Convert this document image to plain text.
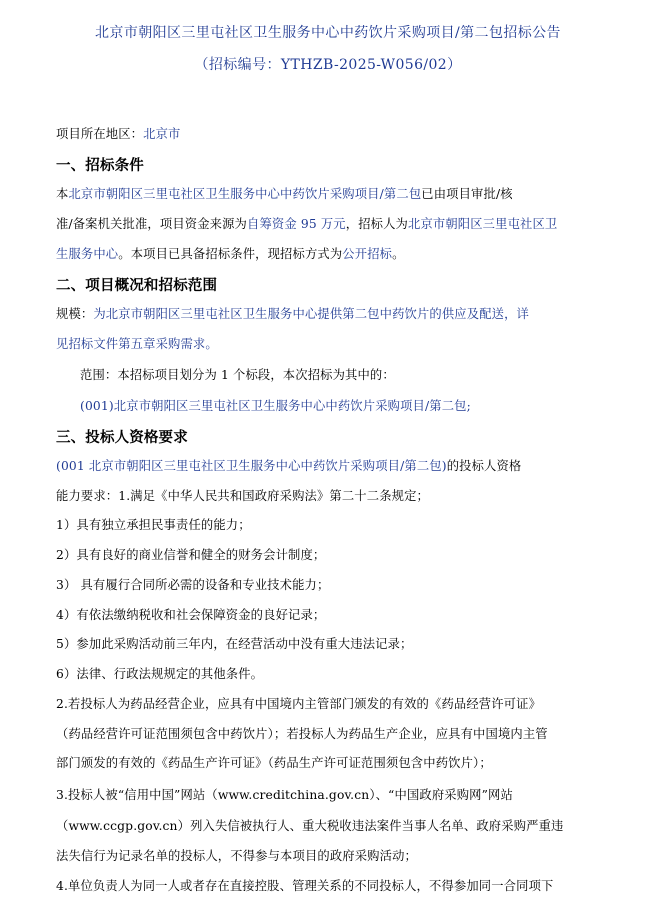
北京市朝阳区三里屯社区卫生服务中心中药饮片采购项目/第二包招标公告
（招标编号：YTHZB-2025-W056/02）
项目所在地区：北京市
一、招标条件
本北京市朝阳区三里屯社区卫生服务中心中药饮片采购项目/第二包已由项目审批/核
准/备案机关批准，项目资金来源为自筹资金 95 万元，招标人为北京市朝阳区三里屯社区卫
生服务中心。本项目已具备招标条件，现招标方式为公开招标。
二、项目概况和招标范围
规模：为北京市朝阳区三里屯社区卫生服务中心提供第二包中药饮片的供应及配送，详
见招标文件第五章采购需求。
范围：本招标项目划分为 1 个标段，本次招标为其中的：
(001)北京市朝阳区三里屯社区卫生服务中心中药饮片采购项目/第二包;
三、投标人资格要求
(001 北京市朝阳区三里屯社区卫生服务中心中药饮片采购项目/第二包)的投标人资格
能力要求：1.满足《中华人民共和国政府采购法》第二十二条规定；
1）具有独立承担民事责任的能力；
2）具有良好的商业信誉和健全的财务会计制度；
3） 具有履行合同所必需的设备和专业技术能力；
4）有依法缴纳税收和社会保障资金的良好记录；
5）参加此采购活动前三年内，在经营活动中没有重大违法记录；
6）法律、行政法规规定的其他条件。
2.若投标人为药品经营企业，应具有中国境内主管部门颁发的有效的《药品经营许可证》
（药品经营许可证范围须包含中药饮片）；若投标人为药品生产企业，应具有中国境内主管
部门颁发的有效的《药品生产许可证》（药品生产许可证范围须包含中药饮片）；
3.投标人被“信用中国”网站（www.creditchina.gov.cn）、“中国政府采购网”网站
（www.ccgp.gov.cn）列入失信被执行人、重大税收违法案件当事人名单、政府采购严重违
法失信行为记录名单的投标人，不得参与本项目的政府采购活动；
4.单位负责人为同一人或者存在直接控股、管理关系的不同投标人，不得参加同一合同项下
